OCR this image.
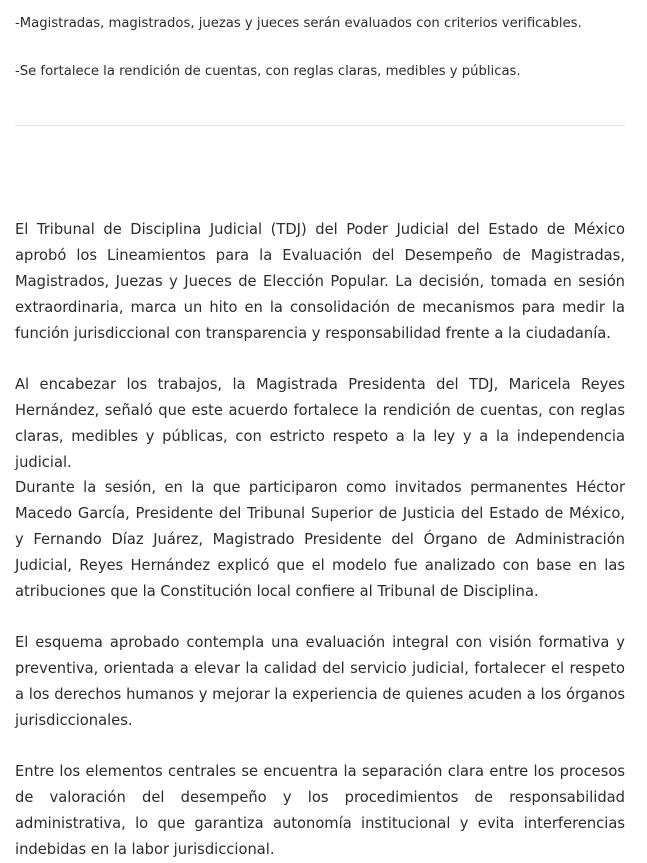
-Magistradas, magistrados, juezas y jueces serán evaluados con criterios verificables.

-Se fortalece la rendición de cuentas, con reglas claras, medibles y públicas.

El Tribunal de Disciplina Judicial (TDJ) del Poder Judicial del Estado de México aprobó los Lineamientos para la Evaluación del Desempeño de Magistradas, Magistrados, Juezas y Jueces de Elección Popular. La decisión, tomada en sesión extraordinaria, marca un hito en la consolidación de mecanismos para medir la función jurisdiccional con transparencia y responsabilidad frente a la ciudadanía.

Al encabezar los trabajos, la Magistrada Presidenta del TDJ, Maricela Reyes Hernández, señaló que este acuerdo fortalece la rendición de cuentas, con reglas claras, medibles y públicas, con estricto respeto a la ley y a la independencia judicial.

Durante la sesión, en la que participaron como invitados permanentes Héctor Macedo García, Presidente del Tribunal Superior de Justicia del Estado de México, y Fernando Díaz Juárez, Magistrado Presidente del Órgano de Administración Judicial, Reyes Hernández explicó que el modelo fue analizado con base en las atribuciones que la Constitución local confiere al Tribunal de Disciplina.

El esquema aprobado contempla una evaluación integral con visión formativa y preventiva, orientada a elevar la calidad del servicio judicial, fortalecer el respeto a los derechos humanos y mejorar la experiencia de quienes acuden a los órganos jurisdiccionales.

Entre los elementos centrales se encuentra la separación clara entre los procesos de valoración del desempeño y los procedimientos de responsabilidad administrativa, lo que garantiza autonomía institucional y evita interferencias indebidas en la labor jurisdiccional.
